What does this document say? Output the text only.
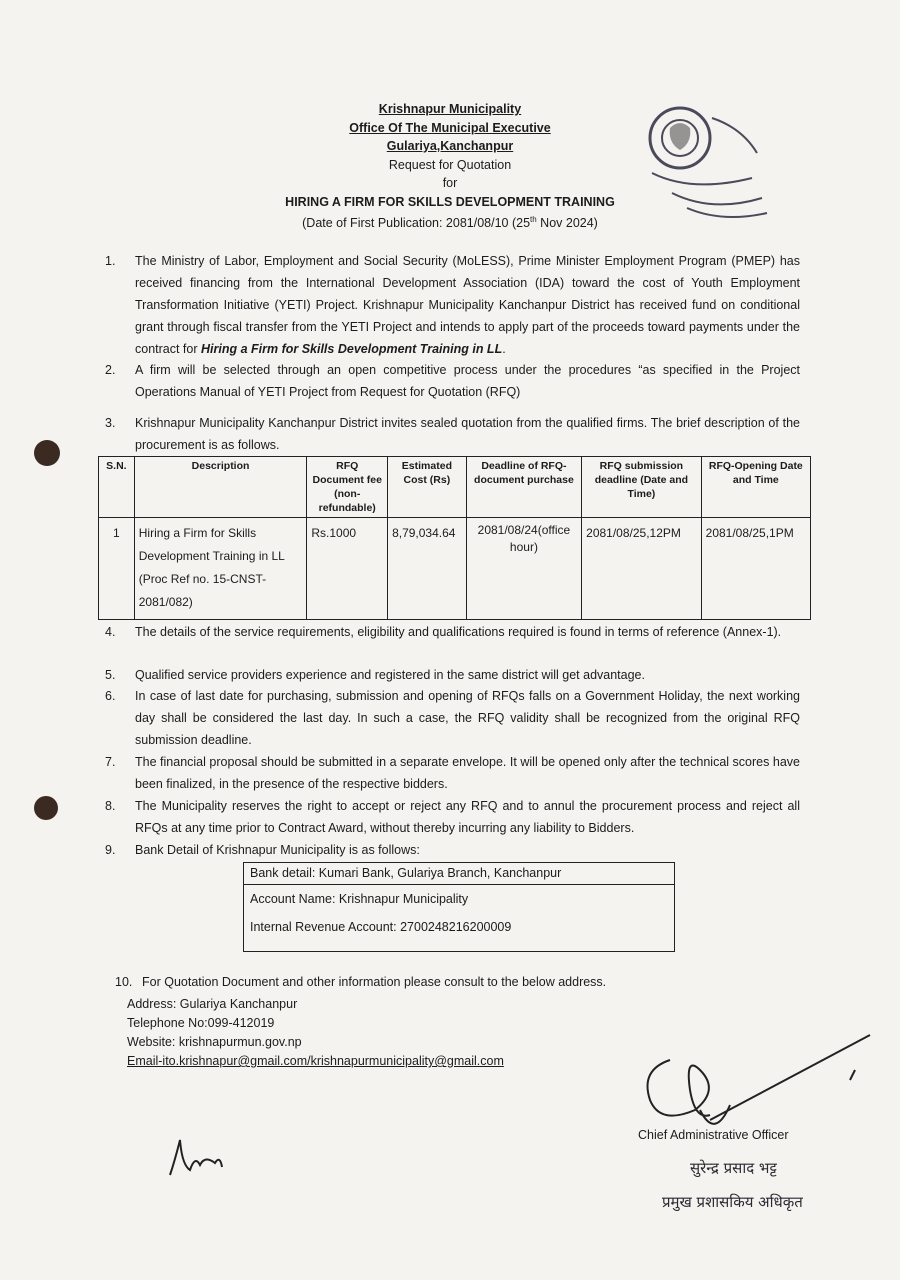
Krishnapur Municipality
Office Of The Municipal Executive
Gulariya,Kanchanpur
Request for Quotation
for
HIRING A FIRM FOR SKILLS DEVELOPMENT TRAINING
(Date of First Publication: 2081/08/10 (25th Nov 2024)
1.	The Ministry of Labor, Employment and Social Security (MoLESS), Prime Minister Employment Program (PMEP) has received financing from the International Development Association (IDA) toward the cost of Youth Employment Transformation Initiative (YETI) Project. Krishnapur Municipality Kanchanpur District has received fund on conditional grant through fiscal transfer from the YETI Project and intends to apply part of the proceeds toward payments under the contract for Hiring a Firm for Skills Development Training in LL.
2.	A firm will be selected through an open competitive process under the procedures “as specified in the Project Operations Manual of YETI Project from Request for Quotation (RFQ)
3.	Krishnapur Municipality Kanchanpur District invites sealed quotation from the qualified firms. The brief description of the procurement is as follows.
S.N.	Description	RFQ Document fee (non-refundable)	Estimated Cost (Rs)	Deadline of RFQ-document purchase	RFQ submission deadline (Date and Time)	RFQ-Opening Date and Time
1	Hiring a Firm for Skills Development Training in LL (Proc Ref no. 15-CNST-2081/082)	Rs.1000	8,79,034.64	2081/08/24(office hour)	2081/08/25,12PM	2081/08/25,1PM
4.	The details of the service requirements, eligibility and qualifications required is found in terms of reference (Annex-1).
5.	Qualified service providers experience and registered in the same district will get advantage.
6.	In case of last date for purchasing, submission and opening of RFQs falls on a Government Holiday, the next working day shall be considered the last day. In such a case, the RFQ validity shall be recognized from the original RFQ submission deadline.
7.	The financial proposal should be submitted in a separate envelope. It will be opened only after the technical scores have been finalized, in the presence of the respective bidders.
8.	The Municipality reserves the right to accept or reject any RFQ and to annul the procurement process and reject all RFQs at any time prior to Contract Award, without thereby incurring any liability to Bidders.
9.	Bank Detail of Krishnapur Municipality is as follows:
Bank detail: Kumari Bank, Gulariya Branch, Kanchanpur
Account Name: Krishnapur Municipality
Internal Revenue Account: 2700248216200009
10. For Quotation Document and other information please consult to the below address.
Address: Gulariya Kanchanpur
Telephone No:099-412019
Website: krishnapurmun.gov.np
Email-ito.krishnapur@gmail.com/krishnapurmunicipality@gmail.com
Chief Administrative Officer
सुरेन्द्र प्रसाद भट्ट
प्रमुख प्रशासकिय अधिकृत
